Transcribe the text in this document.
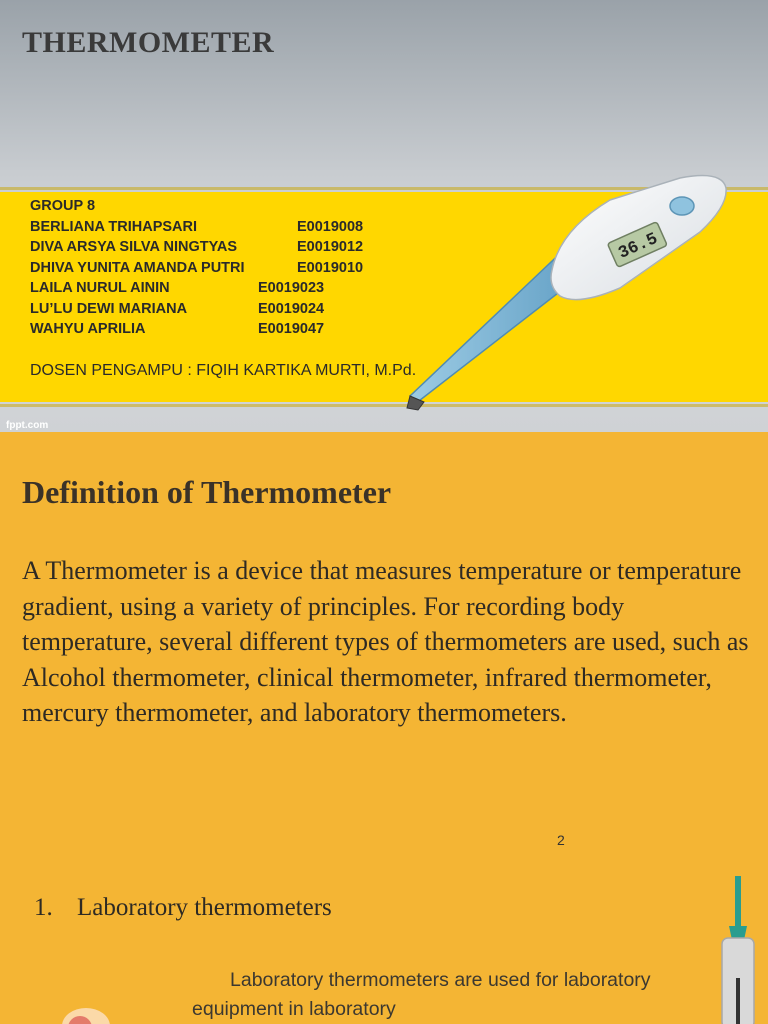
THERMOMETER
GROUP 8
BERLIANA TRIHAPSARI	E0019008
DIVA ARSYA SILVA NINGTYAS	E0019012
DHIVA YUNITA AMANDA PUTRI	E0019010
LAILA NURUL AININ	E0019023
LU’LU DEWI MARIANA	E0019024
WAHYU APRILIA	E0019047
DOSEN PENGAMPU : FIQIH KARTIKA MURTI, M.Pd.
36.5
fppt.com
Definition of Thermometer
A Thermometer is a device that measures temperature or temperature gradient, using a variety of principles. For recording body temperature, several different types of thermometers are used, such as Alcohol thermometer, clinical thermometer, infrared thermometer, mercury thermometer, and laboratory thermometers.
2
1. Laboratory thermometers
Laboratory thermometers are used for laboratory equipment in laboratory
